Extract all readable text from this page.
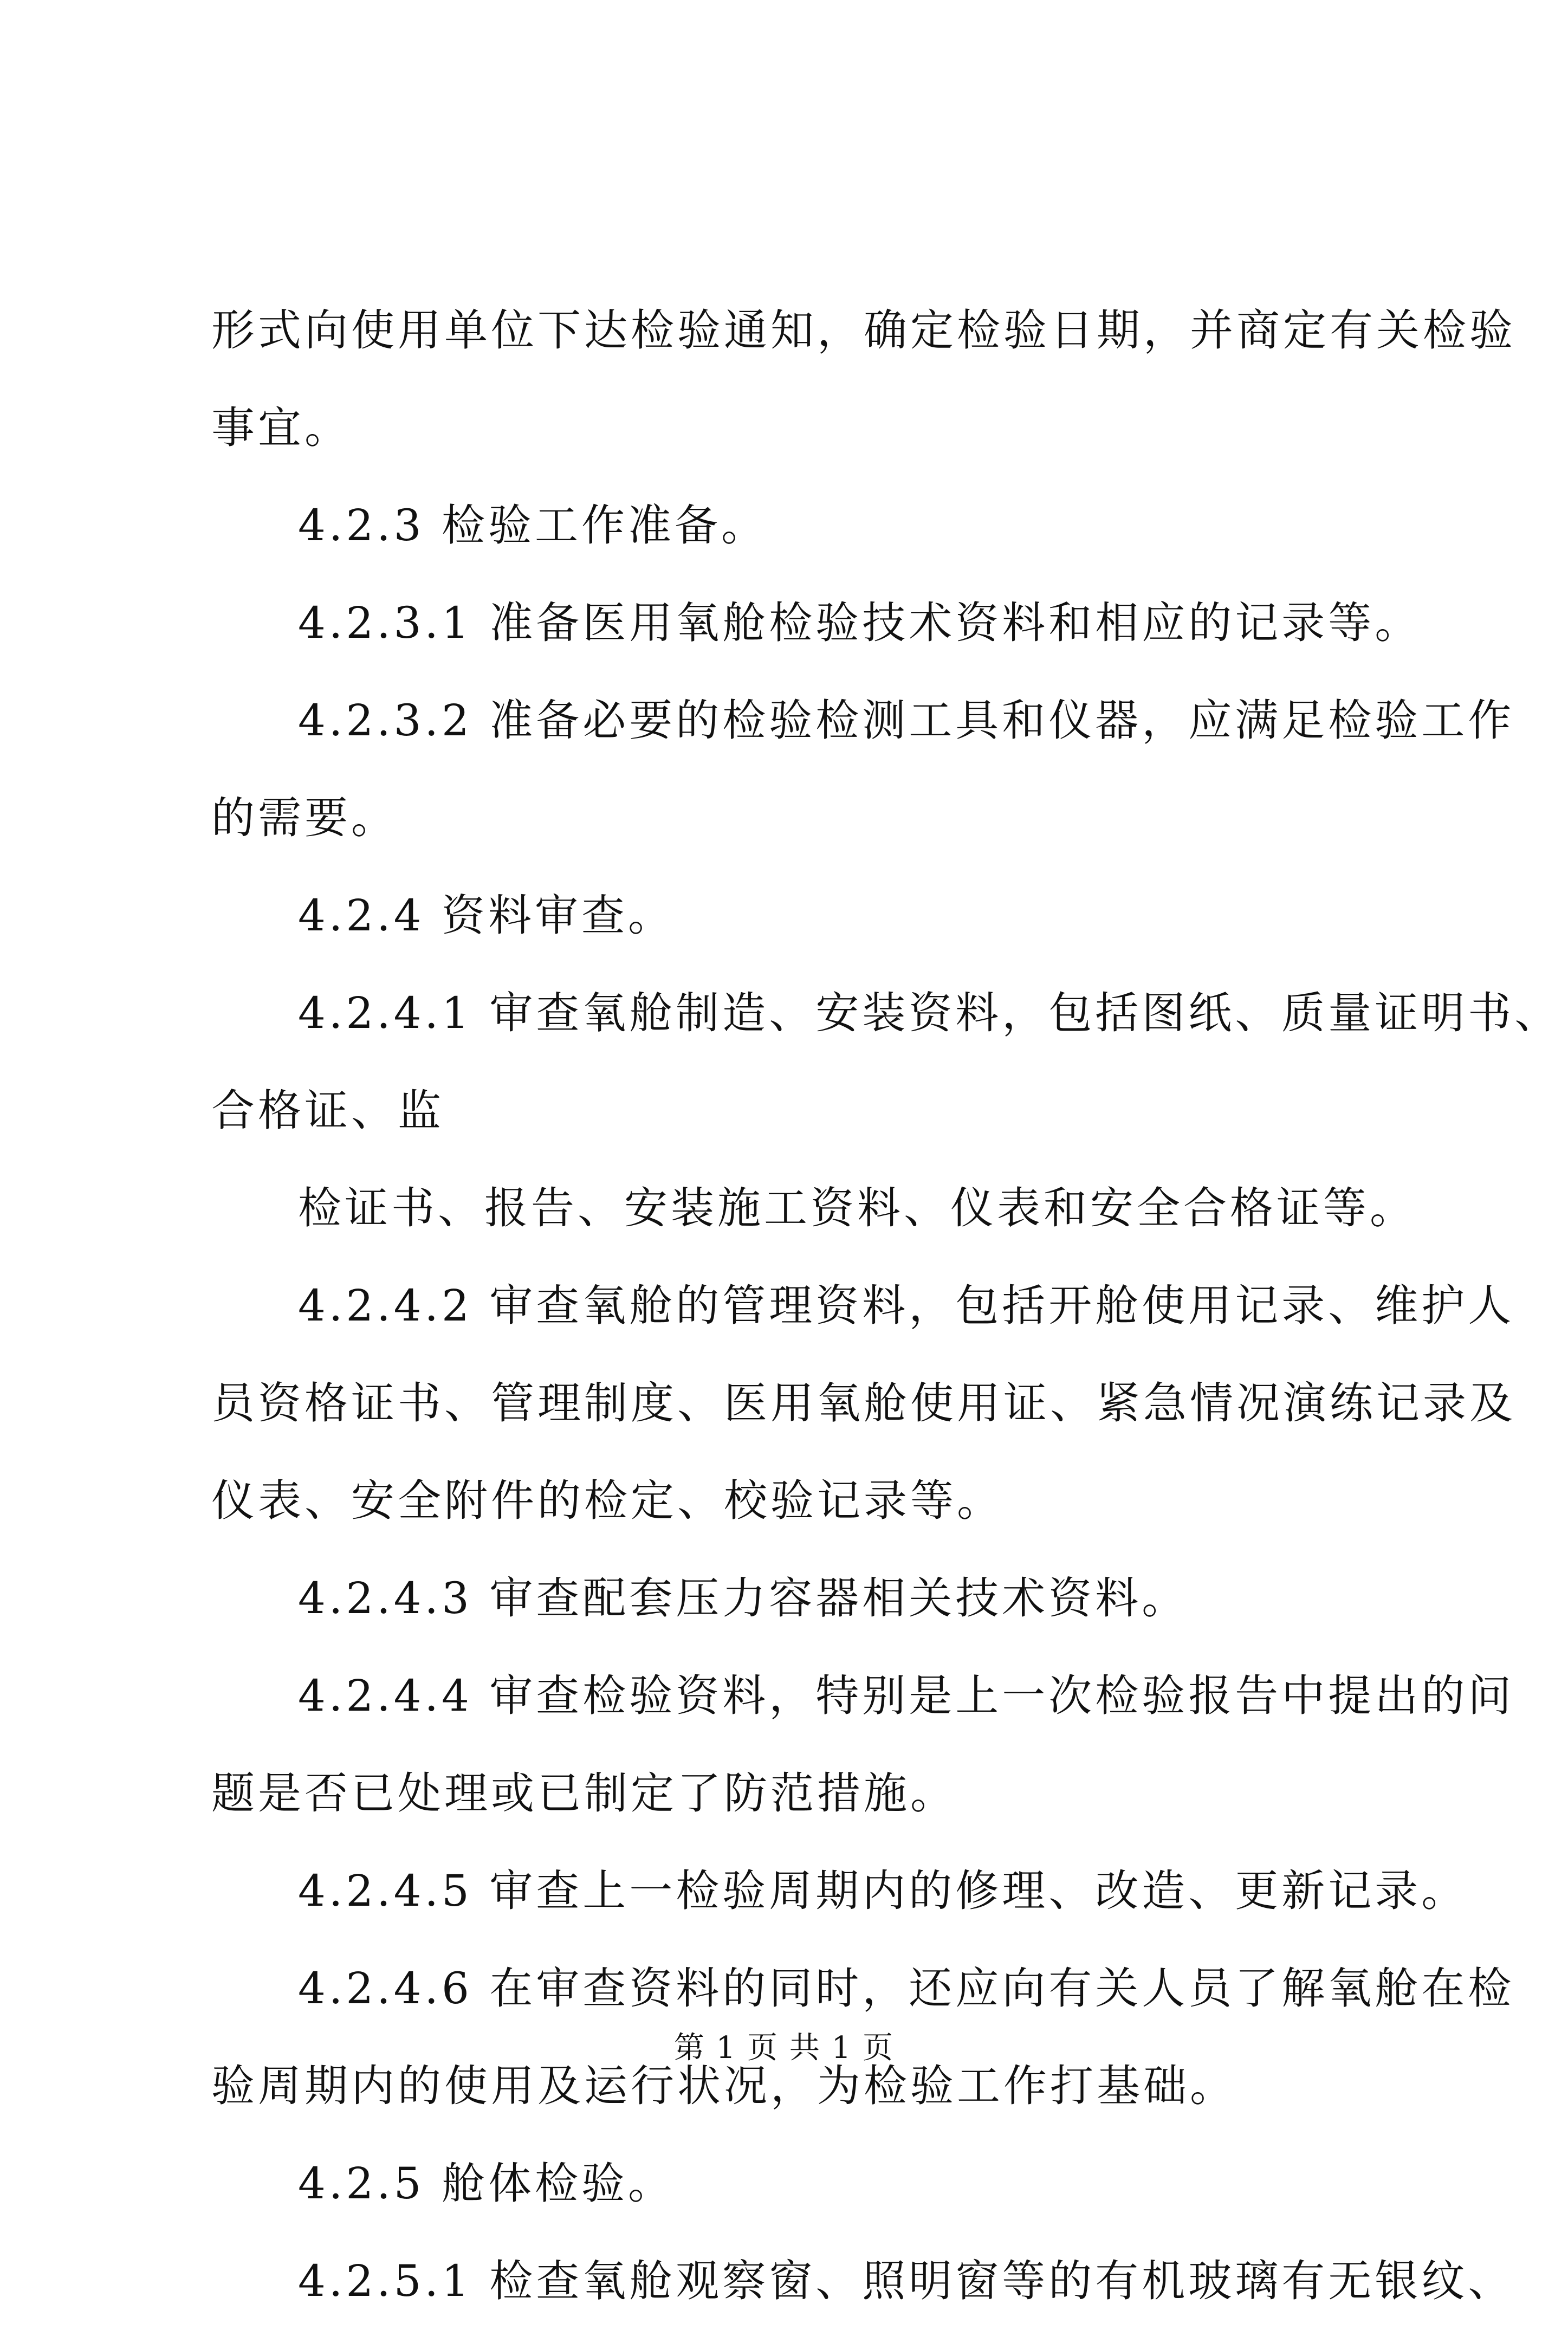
形式向使用单位下达检验通知，确定检验日期，并商定有关检验
事宜。
4.2.3 检验工作准备。
4.2.3.1 准备医用氧舱检验技术资料和相应的记录等。
4.2.3.2 准备必要的检验检测工具和仪器，应满足检验工作
的需要。
4.2.4 资料审查。
4.2.4.1 审查氧舱制造、安装资料，包括图纸、质量证明书、
合格证、监
检证书、报告、安装施工资料、仪表和安全合格证等。
4.2.4.2 审查氧舱的管理资料，包括开舱使用记录、维护人
员资格证书、管理制度、医用氧舱使用证、紧急情况演练记录及
仪表、安全附件的检定、校验记录等。
4.2.4.3 审查配套压力容器相关技术资料。
4.2.4.4 审查检验资料，特别是上一次检验报告中提出的问
题是否已处理或已制定了防范措施。
4.2.4.5 审查上一检验周期内的修理、改造、更新记录。
4.2.4.6 在审查资料的同时，还应向有关人员了解氧舱在检
验周期内的使用及运行状况，为检验工作打基础。
4.2.5 舱体检验。
4.2.5.1 检查氧舱观察窗、照明窗等的有机玻璃有无银纹、
第 1 页 共 1 页
